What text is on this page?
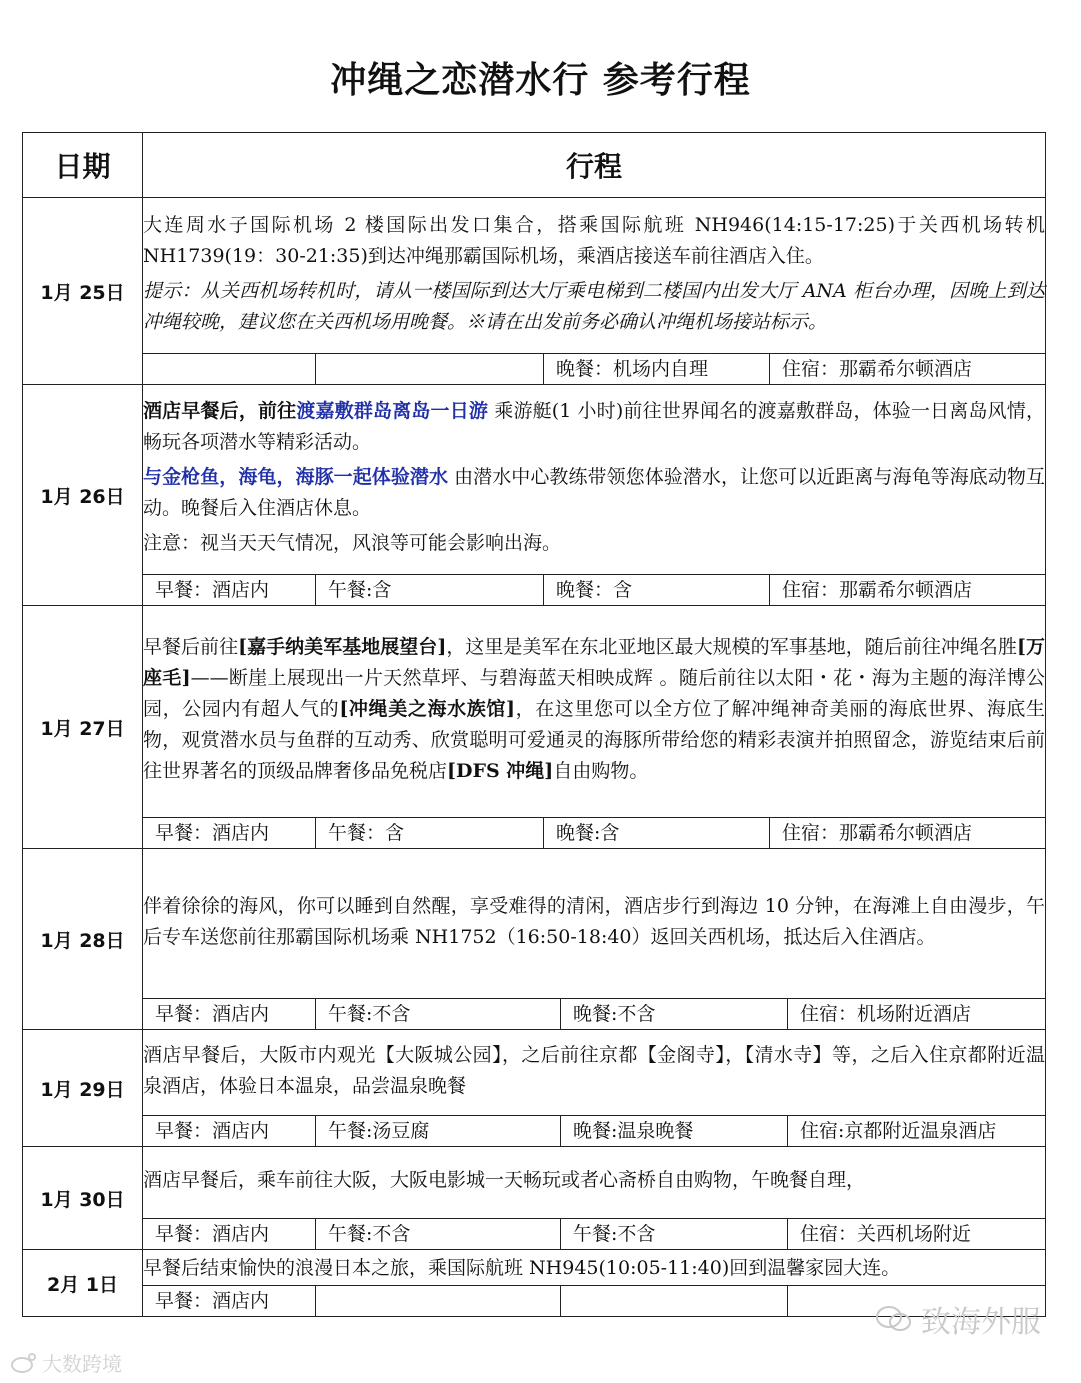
冲绳之恋潜水行 参考行程
日期	行程
1月 25日	大连周水子国际机场 2 楼国际出发口集合，搭乘国际航班 NH946(14:15-17:25)于关西机场转机 NH1739(19：30-21:35)到达冲绳那霸国际机场，乘酒店接送车前往酒店入住。

提示：从关西机场转机时，请从一楼国际到达大厅乘电梯到二楼国内出发大厅 ANA 柜台办理，因晚上到达冲绳较晚，建议您在关西机场用晚餐。※请在出发前务必确认冲绳机场接站标示。

	晚餐：机场内自理 住宿：那霸希尔顿酒店

1月 26日	酒店早餐后，前往渡嘉敷群岛离岛一日游 乘游艇(1 小时)前往世界闻名的渡嘉敷群岛，体验一日离岛风情，畅玩各项潜水等精彩活动。

与金枪鱼，海龟，海豚一起体验潜水 由潜水中心教练带领您体验潜水，让您可以近距离与海龟等海底动物互动。晚餐后入住酒店休息。

注意：视当天天气情况，风浪等可能会影响出海。

	早餐：酒店内 午餐:含 晚餐：含 住宿：那霸希尔顿酒店

1月 27日	早餐后前往[嘉手纳美军基地展望台]，这里是美军在东北亚地区最大规模的军事基地，随后前往冲绳名胜[万座毛]——断崖上展现出一片天然草坪、与碧海蓝天相映成辉 。随后前往以太阳・花・海为主题的海洋博公园，公园内有超人气的[冲绳美之海水族馆]，在这里您可以全方位了解冲绳神奇美丽的海底世界、海底生物，观赏潜水员与鱼群的互动秀、欣赏聪明可爱通灵的海豚所带给您的精彩表演并拍照留念，游览结束后前往世界著名的顶级品牌奢侈品免税店[DFS 冲绳]自由购物。

	早餐：酒店内 午餐：含 晚餐:含 住宿：那霸希尔顿酒店

1月 28日	伴着徐徐的海风，你可以睡到自然醒，享受难得的清闲，酒店步行到海边 10 分钟，在海滩上自由漫步，午后专车送您前往那霸国际机场乘 NH1752（16:50-18:40）返回关西机场，抵达后入住酒店。

	早餐：酒店内 午餐:不含 晚餐:不含 住宿：机场附近酒店

1月 29日	酒店早餐后，大阪市内观光【大阪城公园】，之后前往京都【金阁寺】，【清水寺】等，之后入住京都附近温泉酒店，体验日本温泉，品尝温泉晚餐

	早餐：酒店内 午餐:汤豆腐 晚餐:温泉晚餐 住宿:京都附近温泉酒店

1月 30日	酒店早餐后，乘车前往大阪，大阪电影城一天畅玩或者心斋桥自由购物，午晚餐自理，

	早餐：酒店内 午餐:不含 午餐:不含 住宿：关西机场附近

2月 1日	早餐后结束愉快的浪漫日本之旅，乘国际航班 NH945(10:05-11:40)回到温馨家园大连。

	早餐：酒店内
致海外服
大数跨境
